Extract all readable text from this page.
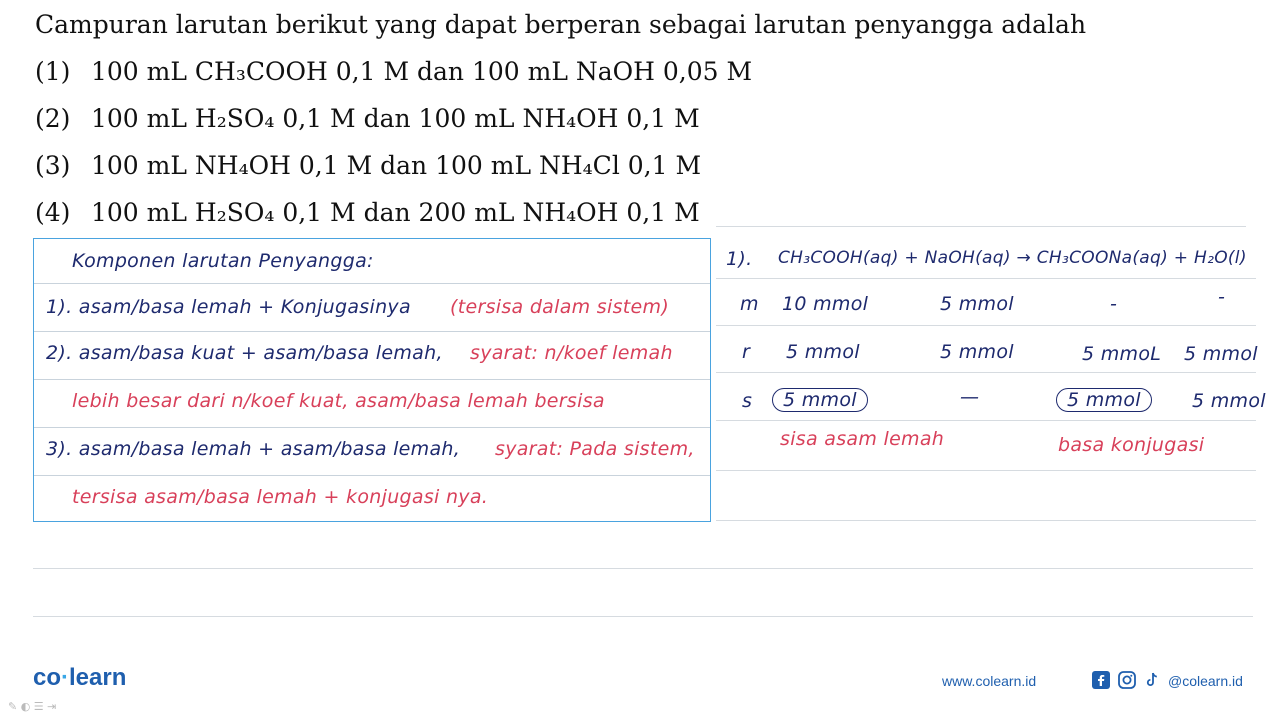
Campuran larutan berikut yang dapat berperan sebagai larutan penyangga adalah
(1) 100 mL CH₃COOH 0,1 M dan 100 mL NaOH 0,05 M
(2) 100 mL H₂SO₄ 0,1 M dan 100 mL NH₄OH 0,1 M
(3) 100 mL NH₄OH 0,1 M dan 100 mL NH₄Cl 0,1 M
(4) 100 mL H₂SO₄ 0,1 M dan 200 mL NH₄OH 0,1 M
Komponen larutan Penyangga:
1). asam/basa lemah + Konjugasinya (tersisa dalam sistem)
2). asam/basa kuat + asam/basa lemah, syarat: n/koef lemah
lebih besar dari n/koef kuat, asam/basa lemah bersisa
3). asam/basa lemah + asam/basa lemah, syarat: Pada sistem,
tersisa asam/basa lemah + konjugasi nya.
1). CH₃COOH(aq) + NaOH(aq) → CH₃COONa(aq) + H₂O(l)
m 10 mmol	5 mmol	-	-
r 5 mmol	5 mmol	5 mmoL 5 mmol
s	5 mmol	—	5 mmol	5 mmol
sisa asam lemah	basa konjugasi
co·learn	www.colearn.id	@colearn.id
✎ ◐ ☰ ⇥
